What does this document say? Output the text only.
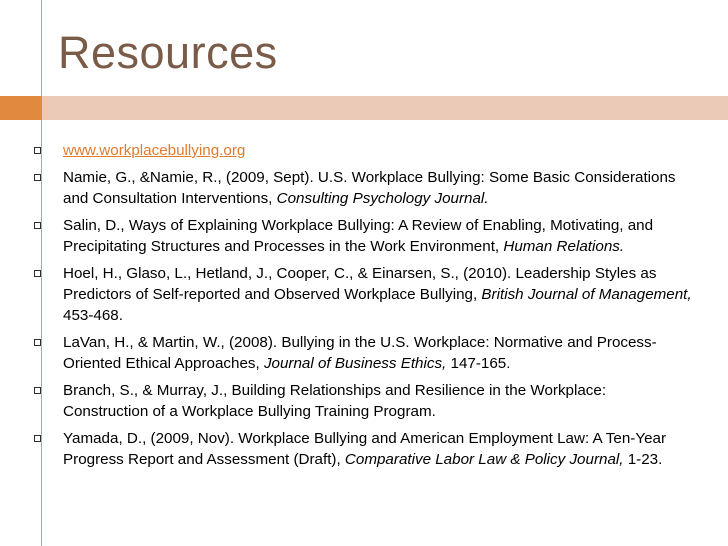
Resources
www.workplacebullying.org
Namie, G., &Namie, R., (2009, Sept). U.S. Workplace Bullying: Some Basic Considerations and Consultation Interventions, Consulting Psychology Journal.
Salin, D., Ways of Explaining Workplace Bullying: A Review of Enabling, Motivating, and Precipitating Structures and Processes in the Work Environment, Human Relations.
Hoel, H., Glaso, L., Hetland, J., Cooper, C., & Einarsen, S., (2010). Leadership Styles as Predictors of Self-reported and Observed Workplace Bullying, British Journal of Management, 453-468.
LaVan, H., & Martin, W., (2008). Bullying in the U.S. Workplace: Normative and Process-Oriented Ethical Approaches, Journal of Business Ethics, 147-165.
Branch, S., & Murray, J., Building Relationships and Resilience in the Workplace: Construction of a Workplace Bullying Training Program.
Yamada, D., (2009, Nov). Workplace Bullying and American Employment Law: A Ten-Year Progress Report and Assessment (Draft), Comparative Labor Law & Policy Journal, 1-23.
